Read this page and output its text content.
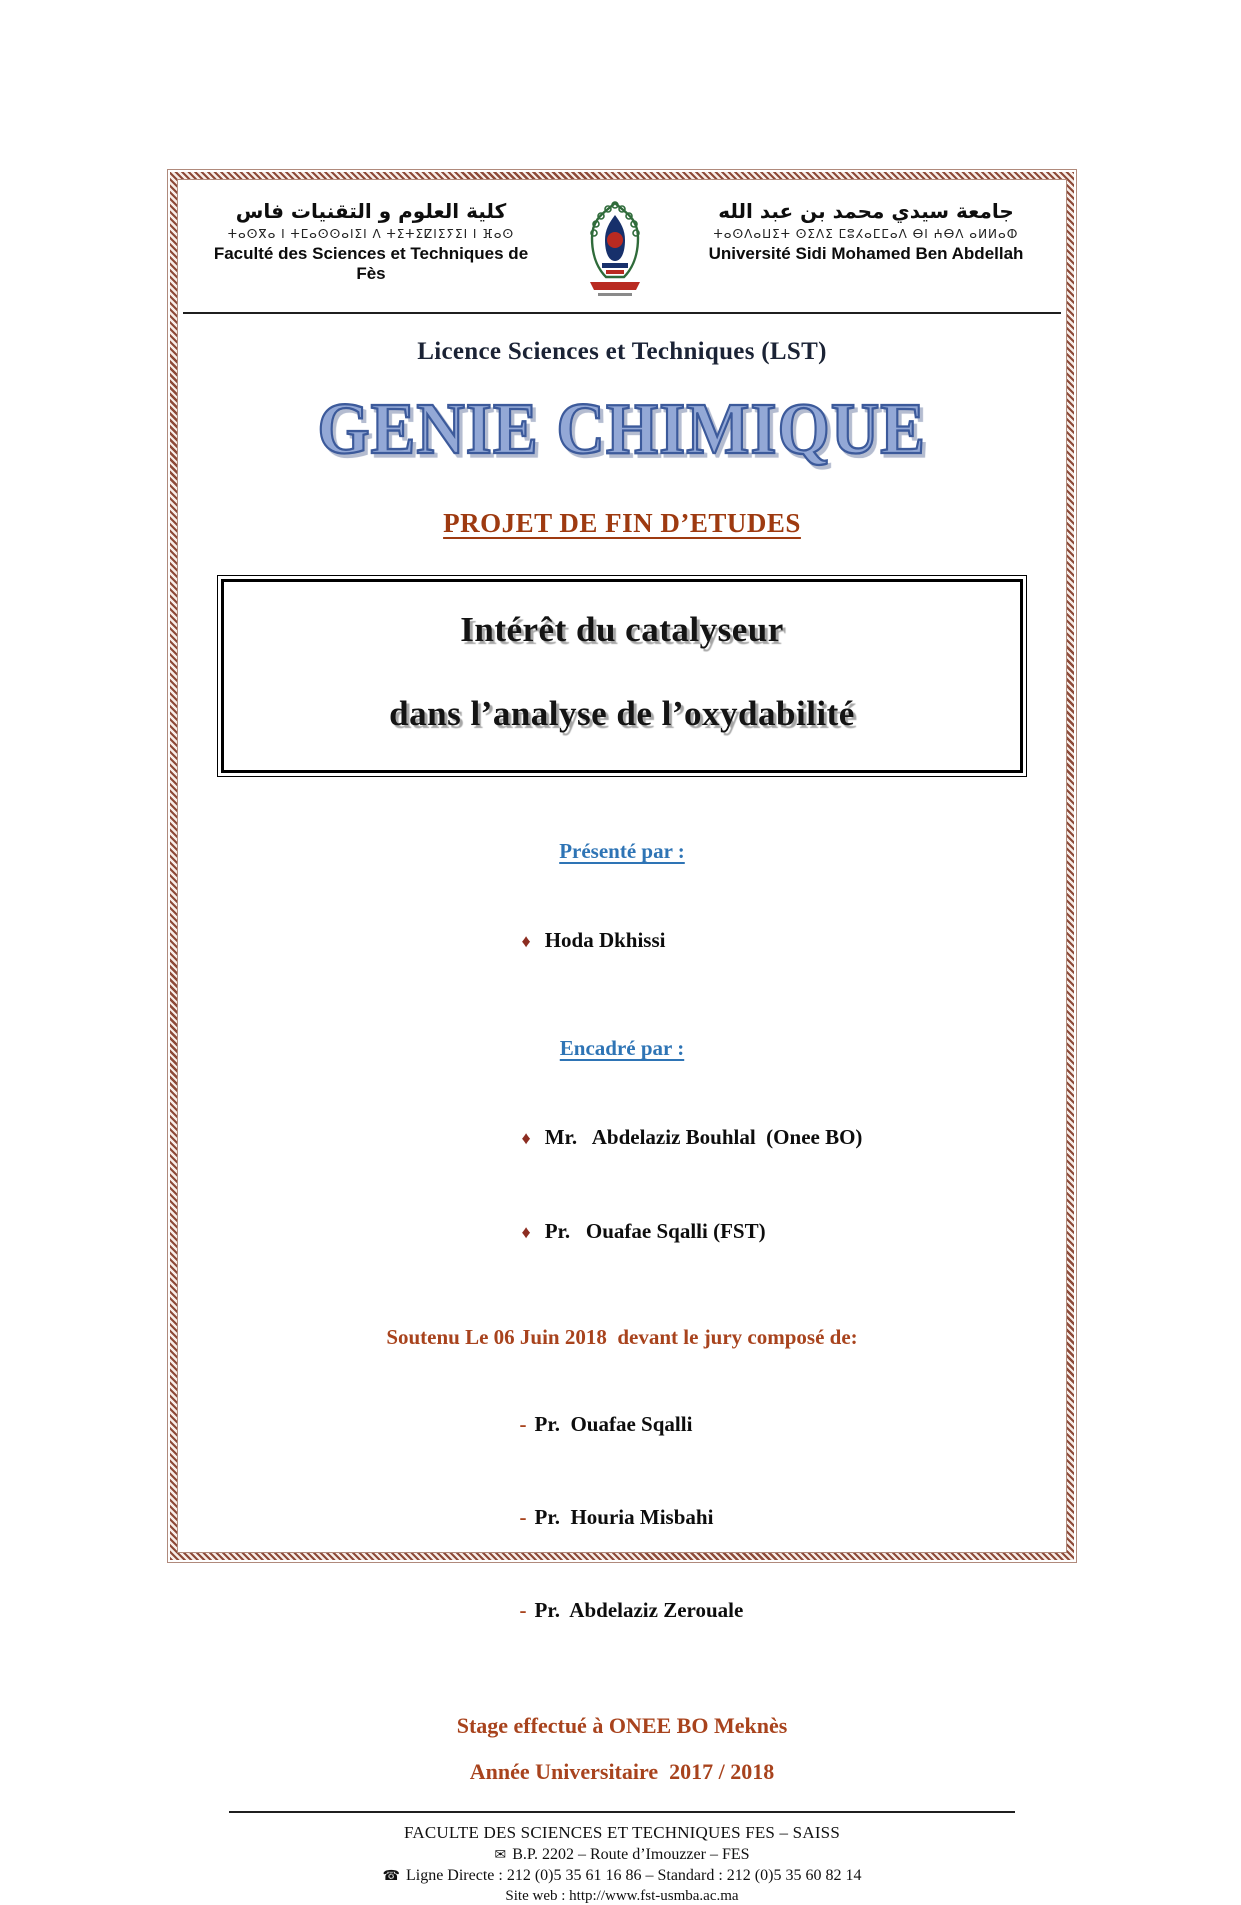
كلية العلوم و التقنيات فاس
ⵜⴰⵙⴳⴰ ⵏ ⵜⵎⴰⵙⵙⴰⵏⵉⵏ ⴷ ⵜⵉⵜⵉⵇⵏⵉⵢⵉⵏ ⵏ ⴼⴰⵙ
Faculté des Sciences et Techniques de Fès
جامعة سيدي محمد بن عبد الله
ⵜⴰⵙⴷⴰⵡⵉⵜ ⵙⵉⴷⵉ ⵎⵓⵃⴰⵎⵎⴰⴷ ⴱⵏ ⵄⴱⴷ ⴰⵍⵍⴰⵀ
Université Sidi Mohamed Ben Abdellah
Licence Sciences et Techniques (LST)
GENIE CHIMIQUE
PROJET DE FIN D’ETUDES
Intérêt du catalyseur
dans l’analyse de l’oxydabilité
Présenté par :

♦ Hoda Dkhissi

Encadré par :

♦ Mr.   Abdelaziz Bouhlal  (Onee BO)

♦ Pr.   Ouafae Sqalli (FST)

Soutenu Le 06 Juin 2018  devant le jury composé de:

- Pr.  Ouafae Sqalli

- Pr.  Houria Misbahi

- Pr.  Abdelaziz Zerouale

Stage effectué à ONEE BO Meknès
Année Universitaire  2017 / 2018
FACULTE DES SCIENCES ET TECHNIQUES FES – SAISS
✉ B.P. 2202 – Route d’Imouzzer – FES
☎ Ligne Directe : 212 (0)5 35 61 16 86 – Standard : 212 (0)5 35 60 82 14
Site web : http://www.fst-usmba.ac.ma
